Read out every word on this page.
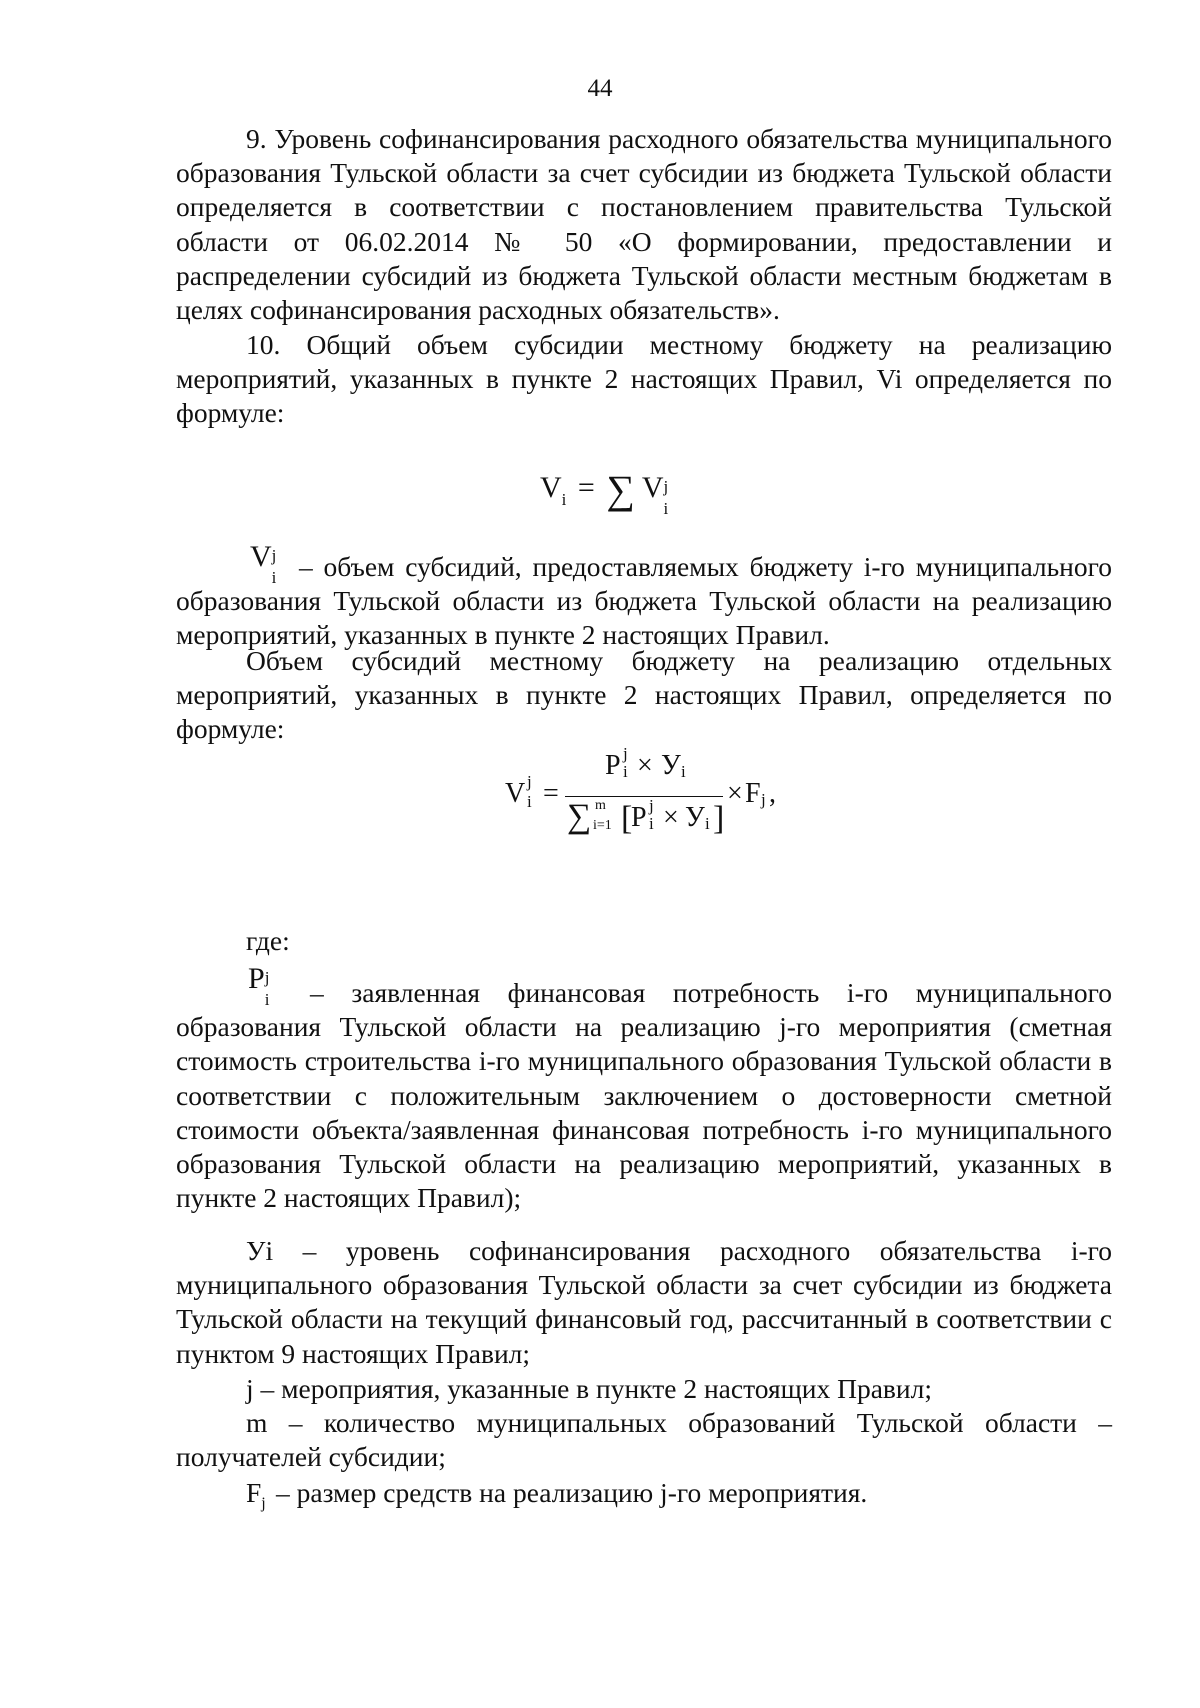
44

9. Уровень софинансирования расходного обязательства муниципального образования Тульской области за счет субсидии из бюджета Тульской области определяется в соответствии с постановлением правительства Тульской области от 06.02.2014 № 50 «О формировании, предоставлении и распределении субсидий из бюджета Тульской области местным бюджетам в целях софинансирования расходных обязательств».

10. Общий объем субсидии местному бюджету на реализацию мероприятий, указанных в пункте 2 настоящих Правил, Vi определяется по формуле:

$V_i$ = ∑ V j
i
V j
i – объем субсидий, предоставляемых бюджету i-го муниципального образования Тульской области из бюджета Тульской области на реализацию мероприятий, указанных в пункте 2 настоящих Правил.

Объем субсидий местному бюджету на реализацию отдельных мероприятий, указанных в пункте 2 настоящих Правил, определяется по формуле:

V j
i =
P j
i × У i
∑ m
i=1 [
P j
i × У i ]
× F j ,
где:
P j
i	– заявленная финансовая потребность i-го муниципального образования Тульской области на реализацию j-го мероприятия (сметная стоимость строительства i-го муниципального образования Тульской области в соответствии с положительным заключением о достоверности сметной стоимости объекта/заявленная финансовая потребность i-го муниципального образования Тульской области на реализацию мероприятий, указанных в пункте 2 настоящих Правил);

Уi – уровень софинансирования расходного обязательства i-го муниципального образования Тульской области за счет субсидии из бюджета Тульской области на текущий финансовый год, рассчитанный в соответствии с пунктом 9 настоящих Правил;

j – мероприятия, указанные в пункте 2 настоящих Правил;

m – количество муниципальных образований Тульской области – получателей субсидии;

$F_j$ – размер средств на реализацию j-го мероприятия.
